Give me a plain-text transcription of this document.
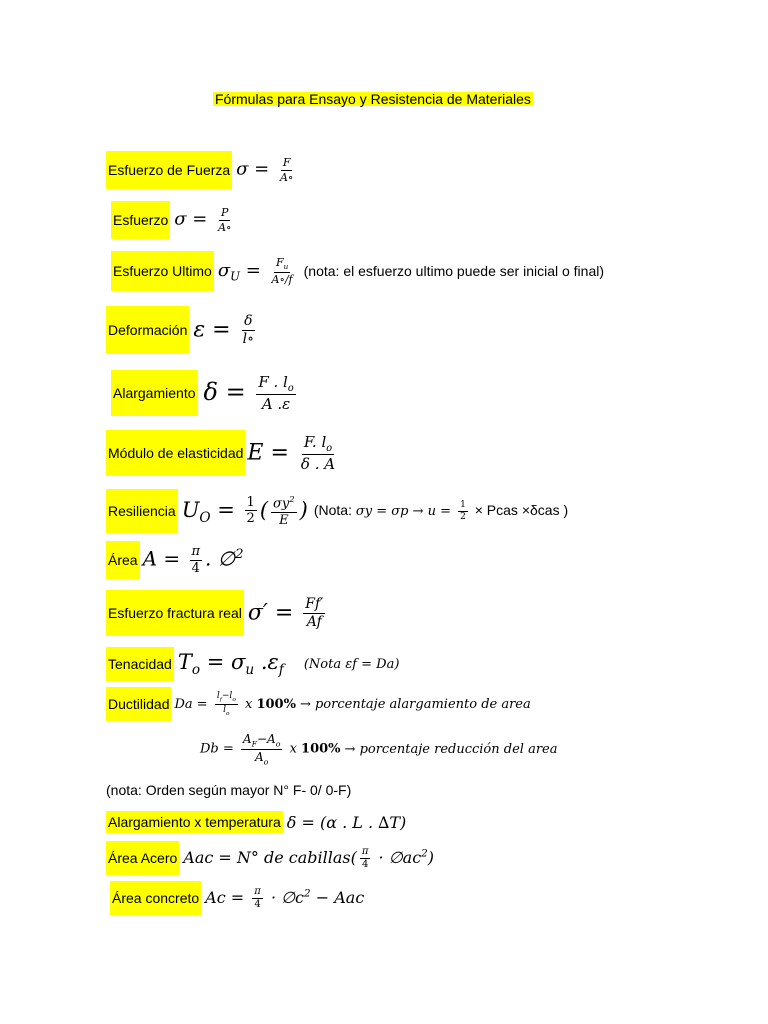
Fórmulas para Ensayo y Resistencia de Materiales
Esfuerzo de Fuerza $\sigma = \frac{F}{A\circ}$
Esfuerzo $\sigma = \frac{P}{A\circ}$
Esfuerzo Ultimo $\sigma_U = \frac{F_u}{A\circ/f}$ (nota: el esfuerzo ultimo puede ser inicial o final)
Deformación $\varepsilon = \frac{\delta}{l\circ}$
Alargamiento $\delta = \frac{F . l_o}{A .\varepsilon}$
Módulo de elasticidad $E = \frac{F. l_o}{\delta . A}$
Resiliencia $U_O = \frac{1}{2}$ ( $\frac{\sigma y^2}{E}$ ) (Nota: $\sigma y = \sigma p \to u = \frac{1}{2}$ × Pcas ×δcas )
Área $A = \frac{\pi}{4}$ . ∅$^2$
Esfuerzo fractura real $\sigma' = \frac{Ff'}{Af}$
Tenacidad $T_o = \sigma_u$ $.\varepsilon_f$ (Nota εf = Da)
Ductilidad $Da = \frac{l_f-l_o}{l_o}$ x 100% → porcentaje alargamiento de area
$Db = \frac{A_F-A_o}{A_o}$ x 100% → porcentaje reducción del area
(nota: Orden según mayor N° F- 0/ 0-F)
Alargamiento x temperatura δ = (α . L . ∆T)
Área Acero Aac = N° de cabillas( $\frac{\pi}{4}$ · $\emptyset ac^2$)
Área concreto $Ac = \frac{\pi}{4}$ · $\emptyset c^2$ − Aac
